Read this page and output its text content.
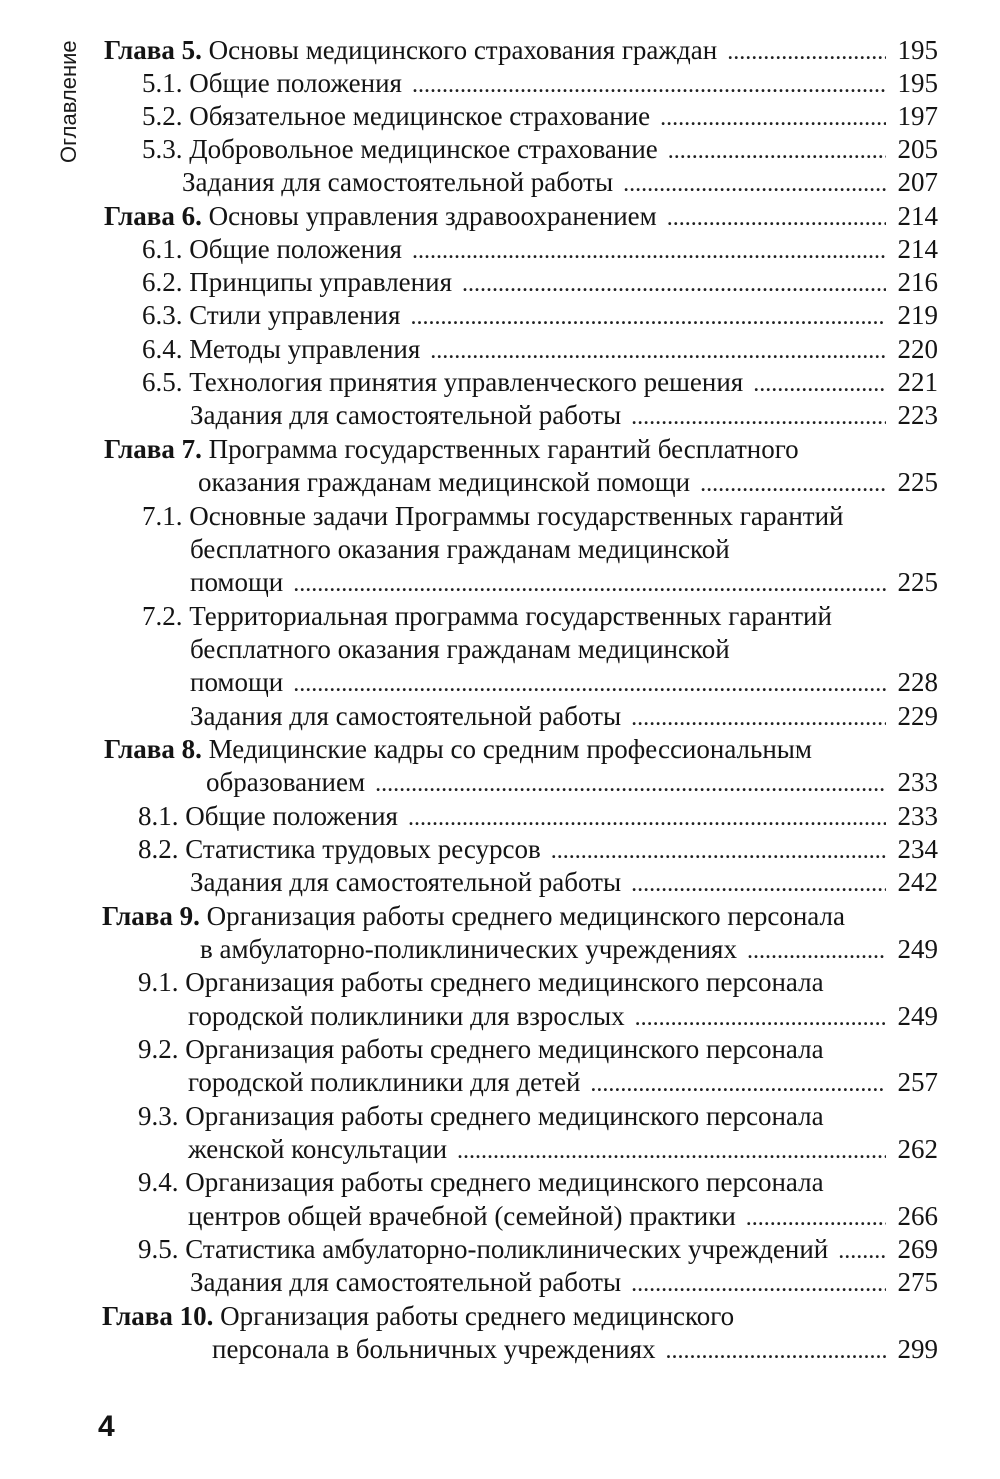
Оглавление Глава 5. Основы медицинского страхования граждан .....	195
5.1. Общие положения .....	195
5.2. Обязательное медицинское страхование .....	197
5.3. Добровольное медицинское страхование .....	205
Задания для самостоятельной работы .....	207
Глава 6. Основы управления здравоохранением .....	214
6.1. Общие положения .....	214
6.2. Принципы управления .....	216
6.3. Стили управления .....	219
6.4. Методы управления .....	220
6.5. Технология принятия управленческого решения .....	221
Задания для самостоятельной работы .....	223
Глава 7. Программа государственных гарантий бесплатного
оказания гражданам медицинской помощи .....	225
7.1. Основные задачи Программы государственных гарантий
бесплатного оказания гражданам медицинской
помощи .....	225
7.2. Территориальная программа государственных гарантий
бесплатного оказания гражданам медицинской
помощи .....	228
Задания для самостоятельной работы .....	229
Глава 8. Медицинские кадры со средним профессиональным
образованием .....	233
8.1. Общие положения .....	233
8.2. Статистика трудовых ресурсов .....	234
Задания для самостоятельной работы .....	242
Глава 9. Организация работы среднего медицинского персонала
в амбулаторно-поликлинических учреждениях .....	249
9.1. Организация работы среднего медицинского персонала
городской поликлиники для взрослых .....	249
9.2. Организация работы среднего медицинского персонала
городской поликлиники для детей .....	257
9.3. Организация работы среднего медицинского персонала
женской консультации .....	262
9.4. Организация работы среднего медицинского персонала
центров общей врачебной (семейной) практики .....	266
9.5. Статистика амбулаторно-поликлинических учреждений .....	269
Задания для самостоятельной работы .....	275
Глава 10. Организация работы среднего медицинского
персонала в больничных учреждениях .....	299
4
